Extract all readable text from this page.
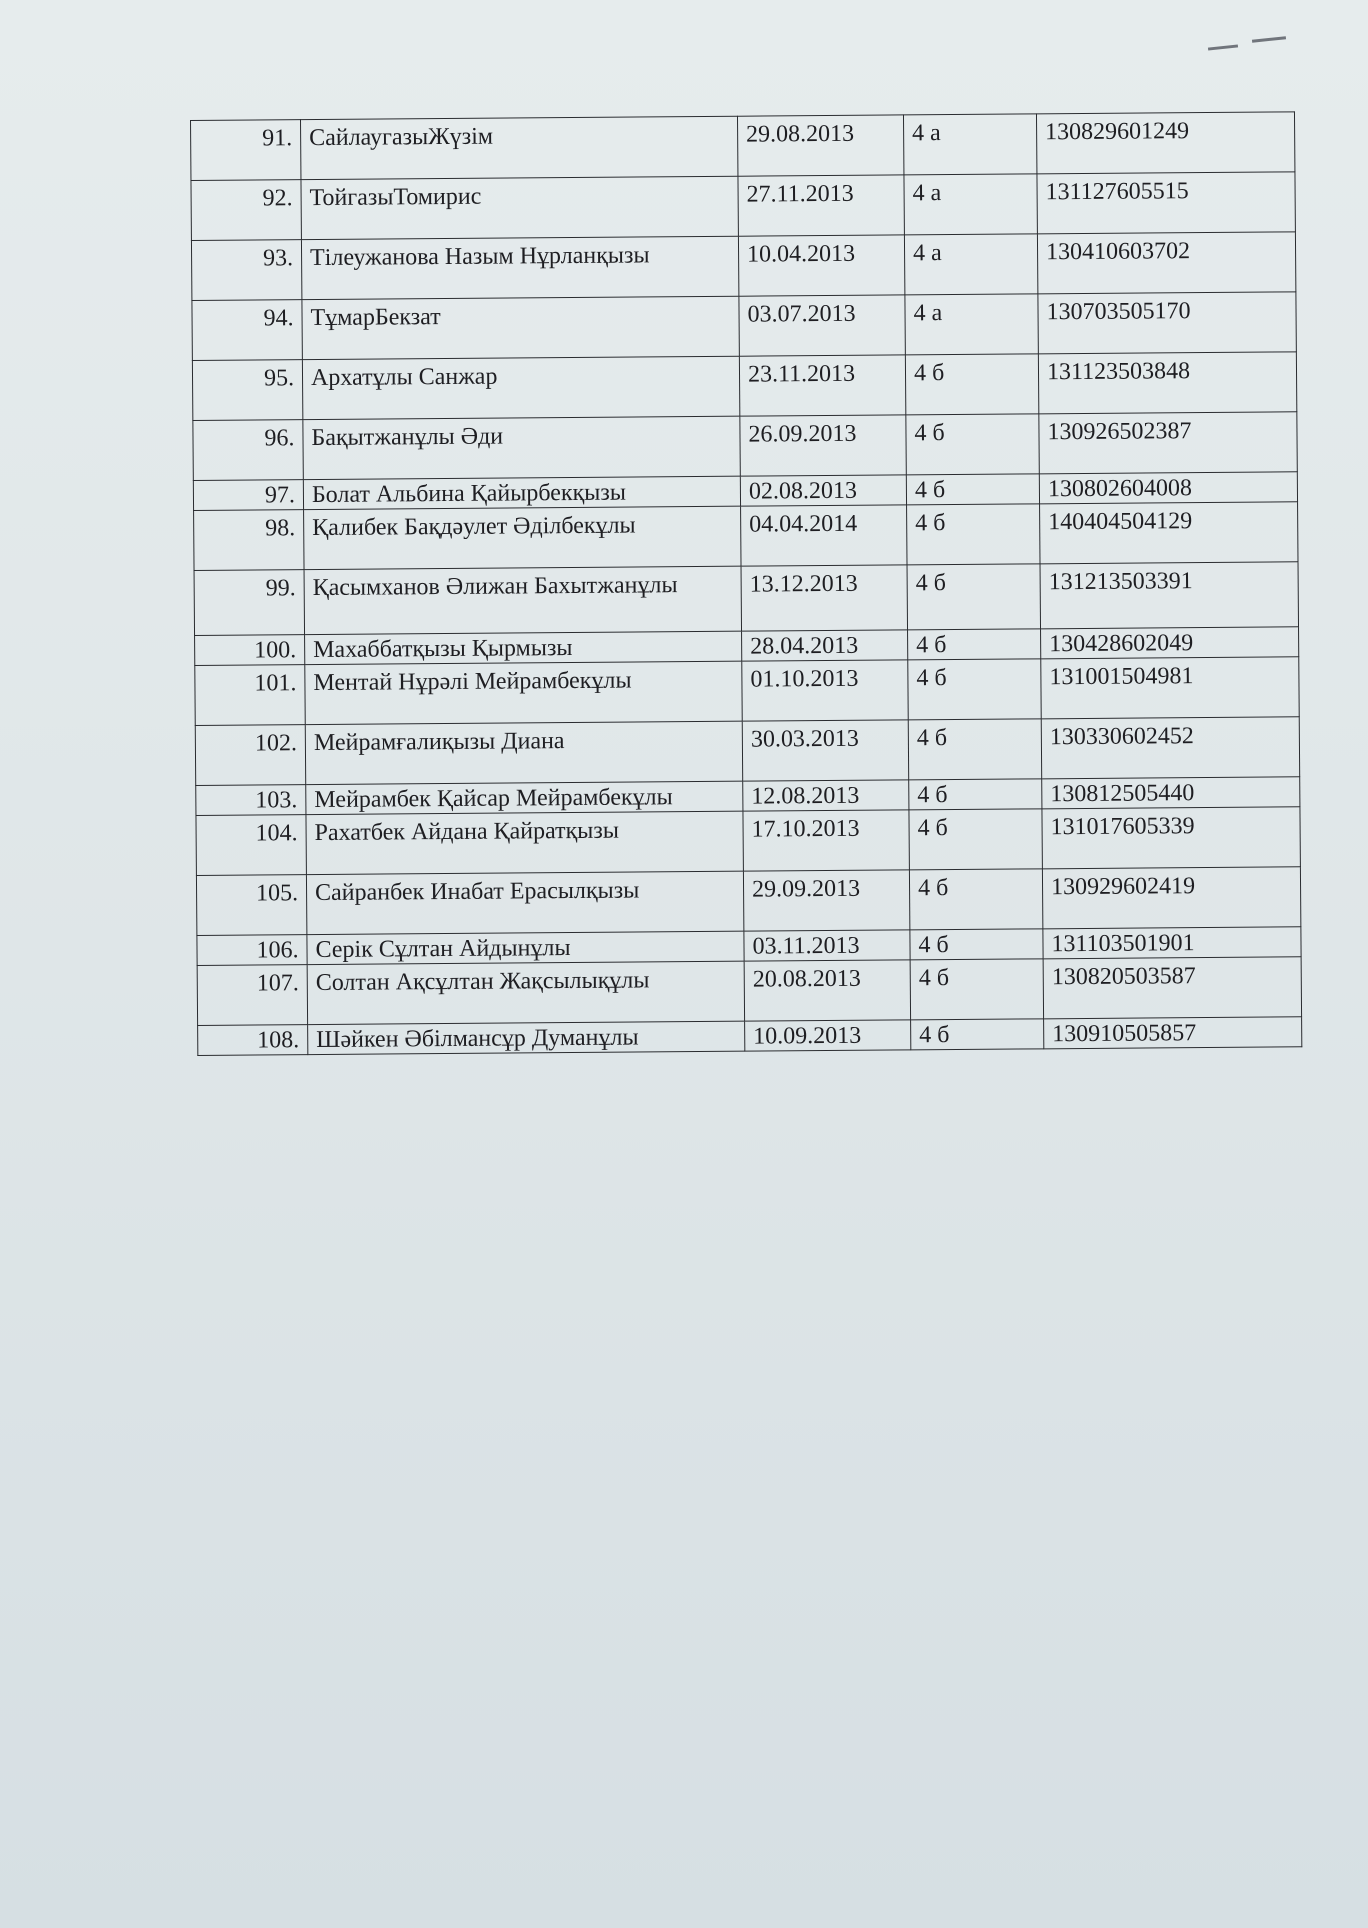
91.	СайлаугазыЖүзім	29.08.2013	4 а	130829601249
92.	ТойгазыТомирис	27.11.2013	4 а	131127605515
93.	Тілеужанова Назым Нұрланқызы	10.04.2013	4 а	130410603702
94.	ТұмарБекзат	03.07.2013	4 а	130703505170
95.	Архатұлы Санжар	23.11.2013	4 б	131123503848
96.	Бақытжанұлы Әди	26.09.2013	4 б	130926502387
97.	Болат Альбина Қайырбекқызы	02.08.2013	4 б	130802604008
98.	Қалибек Бақдәулет Әділбекұлы	04.04.2014	4 б	140404504129
99.	Қасымханов Әлижан Бахытжанұлы	13.12.2013	4 б	131213503391
100.	Махаббатқызы Қырмызы	28.04.2013	4 б	130428602049
101.	Ментай Нұрәлі Мейрамбекұлы	01.10.2013	4 б	131001504981
102.	Мейрамғалиқызы Диана	30.03.2013	4 б	130330602452
103.	Мейрамбек Қайсар Мейрамбекұлы	12.08.2013	4 б	130812505440
104.	Рахатбек Айдана Қайратқызы	17.10.2013	4 б	131017605339
105.	Сайранбек Инабат Ерасылқызы	29.09.2013	4 б	130929602419
106.	Серік Сұлтан Айдынұлы	03.11.2013	4 б	131103501901
107.	Солтан Ақсұлтан Жақсылықұлы	20.08.2013	4 б	130820503587
108.	Шәйкен Әбілмансұр Думанұлы	10.09.2013	4 б	130910505857
